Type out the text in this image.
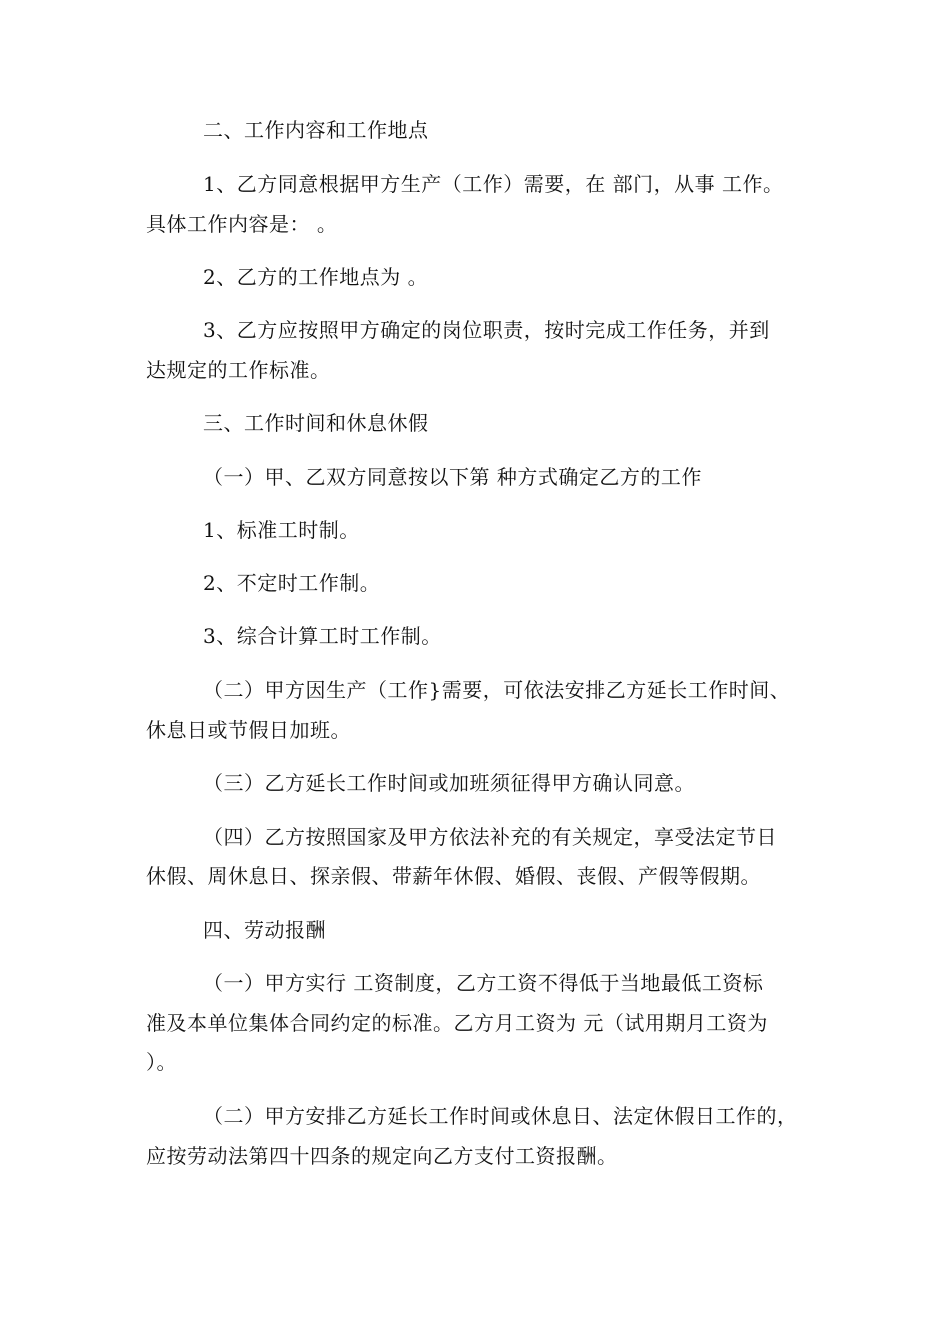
二、工作内容和工作地点
1、乙方同意根据甲方生产（工作）需要，在 部门，从事 工作。
具体工作内容是： 。
2、乙方的工作地点为 。
3、乙方应按照甲方确定的岗位职责，按时完成工作任务，并到
达规定的工作标准。
三、工作时间和休息休假
（一）甲、乙双方同意按以下第 种方式确定乙方的工作
1、标准工时制。
2、不定时工作制。
3、综合计算工时工作制。
（二）甲方因生产（工作}需要，可依法安排乙方延长工作时间、
休息日或节假日加班。
（三）乙方延长工作时间或加班须征得甲方确认同意。
（四）乙方按照国家及甲方依法补充的有关规定，享受法定节日
休假、周休息日、探亲假、带薪年休假、婚假、丧假、产假等假期。
四、劳动报酬
（一）甲方实行 工资制度，乙方工资不得低于当地最低工资标
准及本单位集体合同约定的标准。乙方月工资为 元（试用期月工资为
）。
（二）甲方安排乙方延长工作时间或休息日、法定休假日工作的，
应按劳动法第四十四条的规定向乙方支付工资报酬。
